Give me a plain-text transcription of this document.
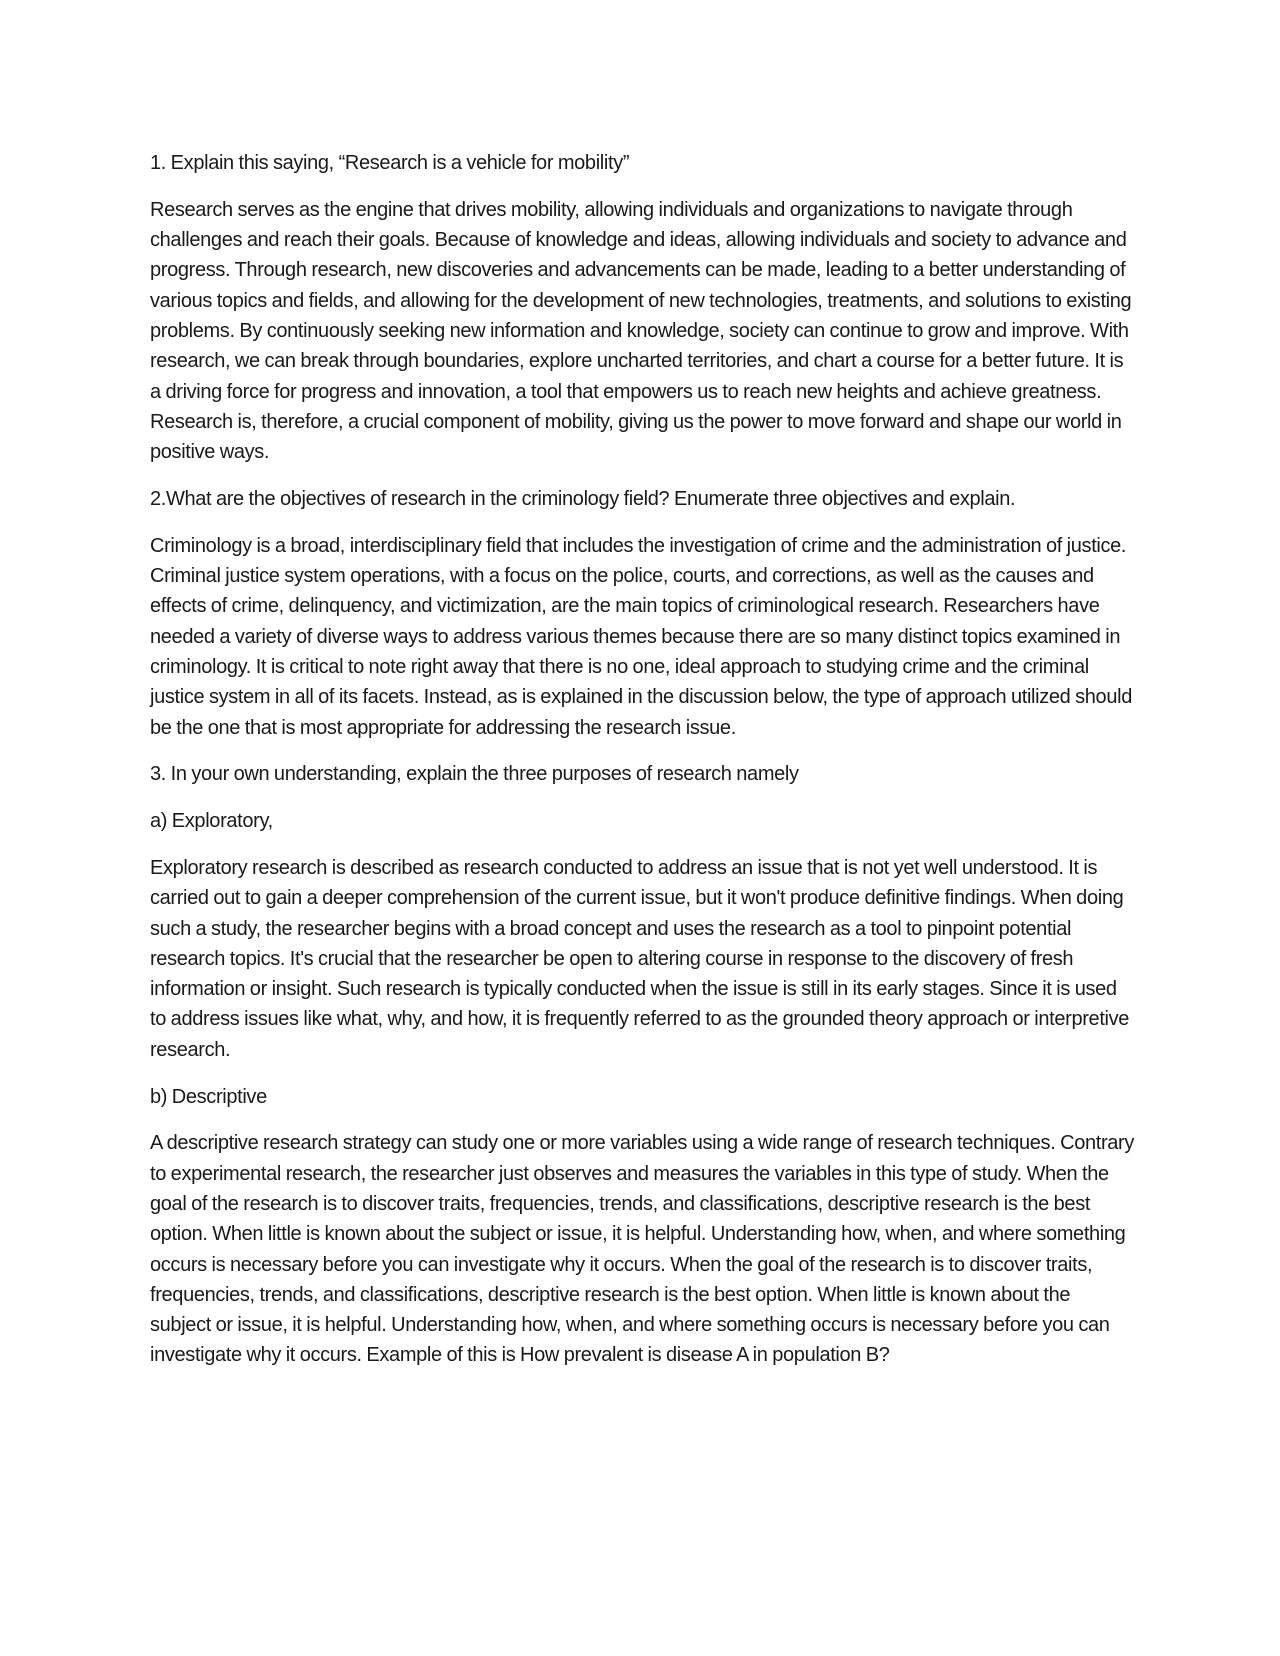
1. Explain this saying, “Research is a vehicle for mobility”

Research serves as the engine that drives mobility, allowing individuals and organizations to navigate through challenges and reach their goals. Because of knowledge and ideas, allowing individuals and society to advance and progress. Through research, new discoveries and advancements can be made, leading to a better understanding of various topics and fields, and allowing for the development of new technologies, treatments, and solutions to existing problems. By continuously seeking new information and knowledge, society can continue to grow and improve. With research, we can break through boundaries, explore uncharted territories, and chart a course for a better future. It is a driving force for progress and innovation, a tool that empowers us to reach new heights and achieve greatness. Research is, therefore, a crucial component of mobility, giving us the power to move forward and shape our world in positive ways.

2.What are the objectives of research in the criminology field? Enumerate three objectives and explain.

Criminology is a broad, interdisciplinary field that includes the investigation of crime and the administration of justice. Criminal justice system operations, with a focus on the police, courts, and corrections, as well as the causes and effects of crime, delinquency, and victimization, are the main topics of criminological research. Researchers have needed a variety of diverse ways to address various themes because there are so many distinct topics examined in criminology. It is critical to note right away that there is no one, ideal approach to studying crime and the criminal justice system in all of its facets. Instead, as is explained in the discussion below, the type of approach utilized should be the one that is most appropriate for addressing the research issue.

3. In your own understanding, explain the three purposes of research namely

a) Exploratory,

Exploratory research is described as research conducted to address an issue that is not yet well understood. It is carried out to gain a deeper comprehension of the current issue, but it won't produce definitive findings. When doing such a study, the researcher begins with a broad concept and uses the research as a tool to pinpoint potential research topics. It's crucial that the researcher be open to altering course in response to the discovery of fresh information or insight. Such research is typically conducted when the issue is still in its early stages. Since it is used to address issues like what, why, and how, it is frequently referred to as the grounded theory approach or interpretive research.

b) Descriptive

A descriptive research strategy can study one or more variables using a wide range of research techniques. Contrary to experimental research, the researcher just observes and measures the variables in this type of study. When the goal of the research is to discover traits, frequencies, trends, and classifications, descriptive research is the best option. When little is known about the subject or issue, it is helpful. Understanding how, when, and where something occurs is necessary before you can investigate why it occurs. When the goal of the research is to discover traits, frequencies, trends, and classifications, descriptive research is the best option. When little is known about the subject or issue, it is helpful. Understanding how, when, and where something occurs is necessary before you can investigate why it occurs. Example of this is How prevalent is disease A in population B?
